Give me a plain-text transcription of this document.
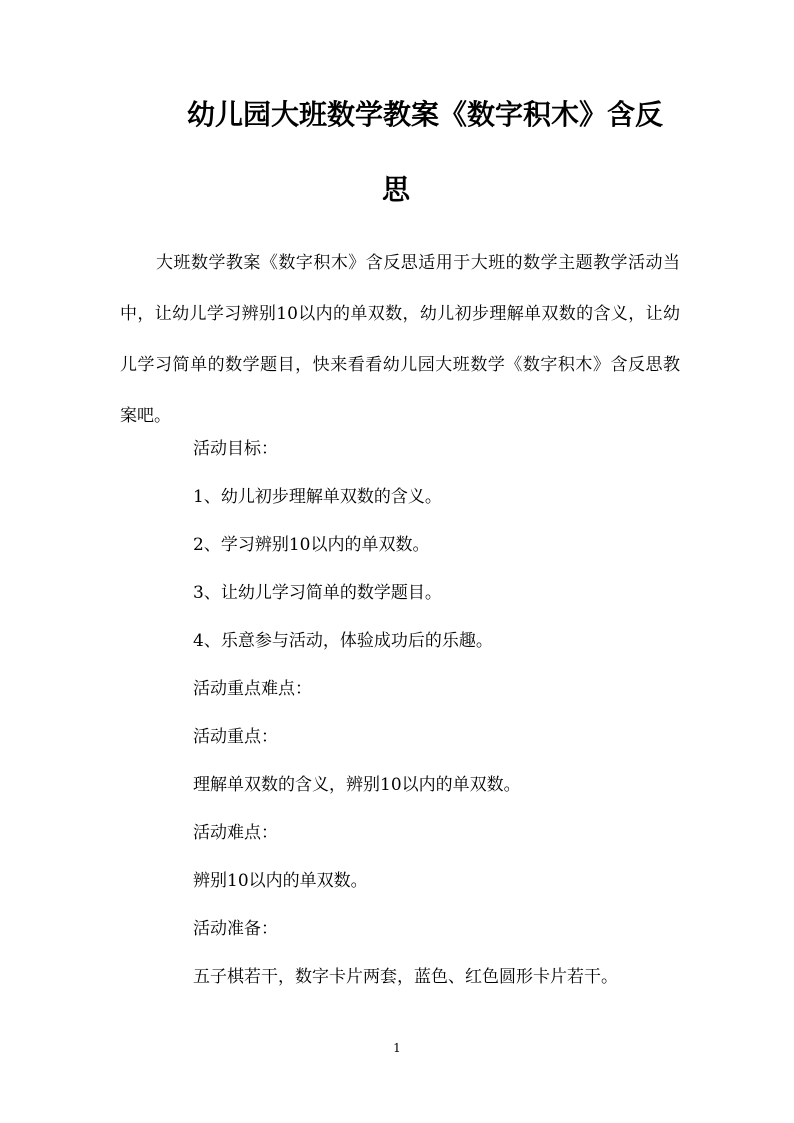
幼儿园大班数学教案《数字积木》含反
思

大班数学教案《数字积木》含反思适用于大班的数学主题教学活动当中，让幼儿学习辨别10以内的单双数，幼儿初步理解单双数的含义，让幼儿学习简单的数学题目，快来看看幼儿园大班数学《数字积木》含反思教案吧。

活动目标：

1、幼儿初步理解单双数的含义。

2、学习辨别10以内的单双数。

3、让幼儿学习简单的数学题目。

4、乐意参与活动，体验成功后的乐趣。

活动重点难点：

活动重点：

理解单双数的含义，辨别10以内的单双数。

活动难点：

辨别10以内的单双数。

活动准备：

五子棋若干，数字卡片两套，蓝色、红色圆形卡片若干。

1
